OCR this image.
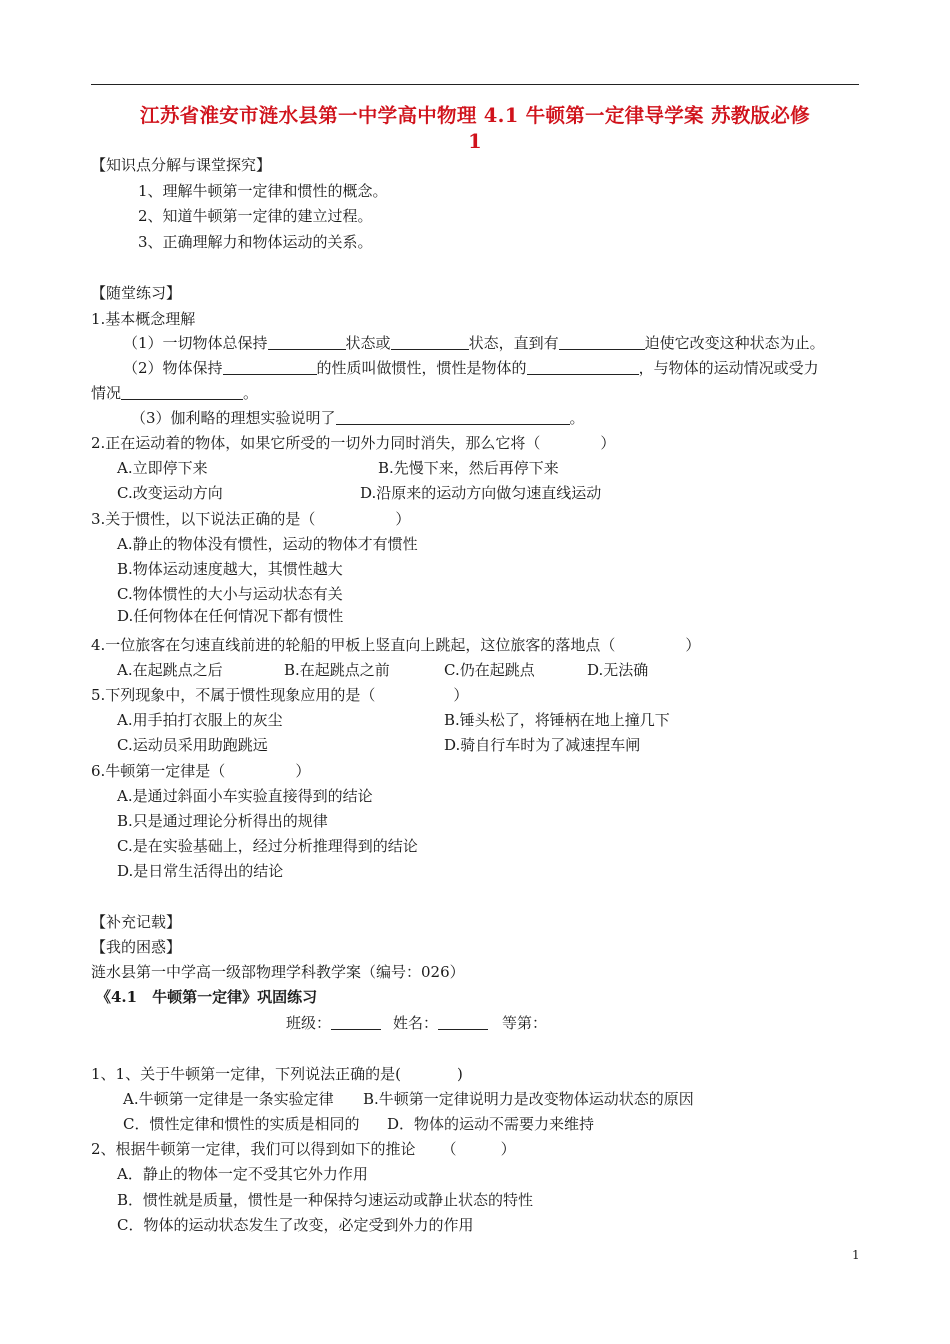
江苏省淮安市涟水县第一中学高中物理 4.1 牛顿第一定律导学案 苏教版必修
1
【知识点分解与课堂探究】
1、理解牛顿第一定律和惯性的概念。
2、知道牛顿第一定律的建立过程。
3、正确理解力和物体运动的关系。
【随堂练习】
1.基本概念理解
（1）一切物体总保持	状态或	状态，直到有	迫使它改变这种状态为止。
（2）物体保持	的性质叫做惯性，惯性是物体的	，与物体的运动情况或受力
情况	。
（3）伽利略的理想实验说明了	。
2.正在运动着的物体，如果它所受的一切外力同时消失，那么它将（	）
A.立即停下来	B.先慢下来，然后再停下来
C.改变运动方向	D.沿原来的运动方向做匀速直线运动
3.关于惯性，以下说法正确的是（	）
A.静止的物体没有惯性，运动的物体才有惯性
B.物体运动速度越大，其惯性越大
C.物体惯性的大小与运动状态有关
D.任何物体在任何情况下都有惯性
4.一位旅客在匀速直线前进的轮船的甲板上竖直向上跳起，这位旅客的落地点（	）
A.在起跳点之后	B.在起跳点之前	C.仍在起跳点	D.无法确
5.下列现象中，不属于惯性现象应用的是（	）
A.用手拍打衣服上的灰尘	B.锤头松了，将锤柄在地上撞几下
C.运动员采用助跑跳远	D.骑自行车时为了减速捏车闸
6.牛顿第一定律是（	）
A.是通过斜面小车实验直接得到的结论
B.只是通过理论分析得出的规律
C.是在实验基础上，经过分析推理得到的结论
D.是日常生活得出的结论
【补充记载】
【我的困惑】
涟水县第一中学高一级部物理学科教学案（编号：026）
《4.1　牛顿第一定律》巩固练习
班级：	姓名：	等第：
1、1、关于牛顿第一定律，下列说法正确的是(	)
A.牛顿第一定律是一条实验定律 B.牛顿第一定律说明力是改变物体运动状态的原因
C．惯性定律和惯性的实质是相同的 D．物体的运动不需要力来维持
2、根据牛顿第一定律，我们可以得到如下的推论 （	）
A．静止的物体一定不受其它外力作用
B．惯性就是质量，惯性是一种保持匀速运动或静止状态的特性
C．物体的运动状态发生了改变，必定受到外力的作用
1
